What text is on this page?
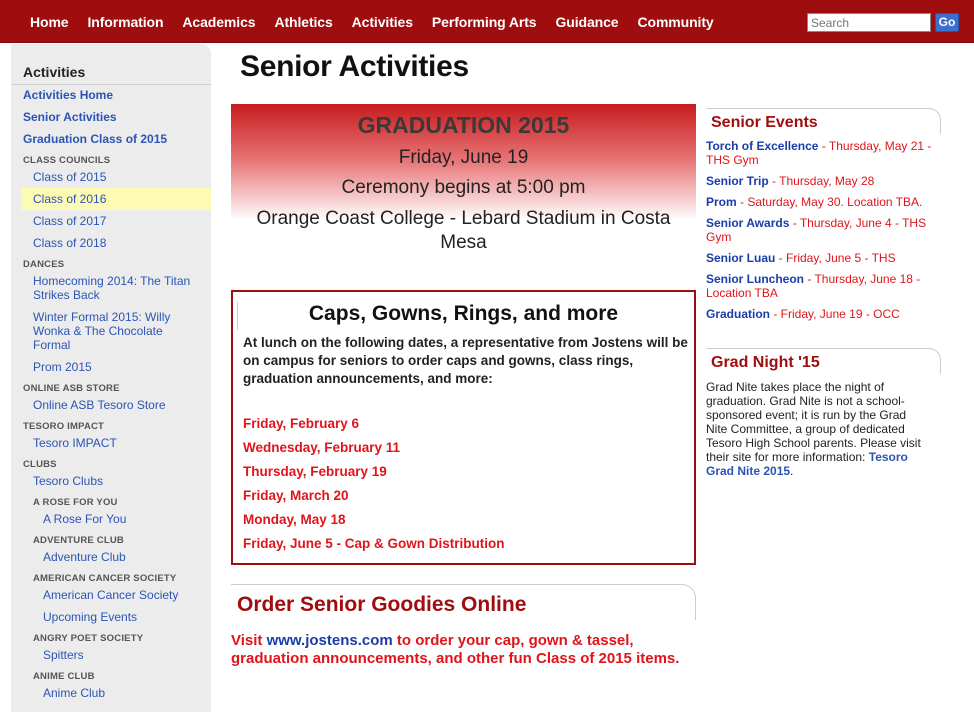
Home Information Academics Athletics Activities Performing Arts Guidance Community
Search	Go
Activities
Activities Home
Senior Activities
Graduation Class of 2015
CLASS COUNCILS
Class of 2015
Class of 2016
Class of 2017
Class of 2018
DANCES
Homecoming 2014: The Titan Strikes Back
Winter Formal 2015: Willy Wonka & The Chocolate Formal
Prom 2015
ONLINE ASB STORE
Online ASB Tesoro Store
TESORO IMPACT
Tesoro IMPACT
CLUBS
Tesoro Clubs
A ROSE FOR YOU
A Rose For You
ADVENTURE CLUB
Adventure Club
AMERICAN CANCER SOCIETY
American Cancer Society
Upcoming Events
ANGRY POET SOCIETY
Spitters
ANIME CLUB
Anime Club
Senior Activities
GRADUATION 2015
Friday, June 19
Ceremony begins at 5:00 pm
Orange Coast College - Lebard Stadium in Costa Mesa
Caps, Gowns, Rings, and more
At lunch on the following dates, a representative from Jostens will be on campus for seniors to order caps and gowns, class rings, graduation announcements, and more:
Friday, February 6
Wednesday, February 11
Thursday, February 19
Friday, March 20
Monday, May 18
Friday, June 5 - Cap & Gown Distribution
Order Senior Goodies Online
Visit www.jostens.com to order your cap, gown & tassel, graduation announcements, and other fun Class of 2015 items.
Senior Events
Torch of Excellence - Thursday, May 21 - THS Gym
Senior Trip - Thursday, May 28
Prom - Saturday, May 30. Location TBA.
Senior Awards - Thursday, June 4 - THS Gym
Senior Luau - Friday, June 5 - THS
Senior Luncheon - Thursday, June 18 - Location TBA
Graduation - Friday, June 19 - OCC
Grad Night '15
Grad Nite takes place the night of graduation. Grad Nite is not a school-sponsored event; it is run by the Grad Nite Committee, a group of dedicated Tesoro High School parents. Please visit their site for more information: Tesoro Grad Nite 2015.
